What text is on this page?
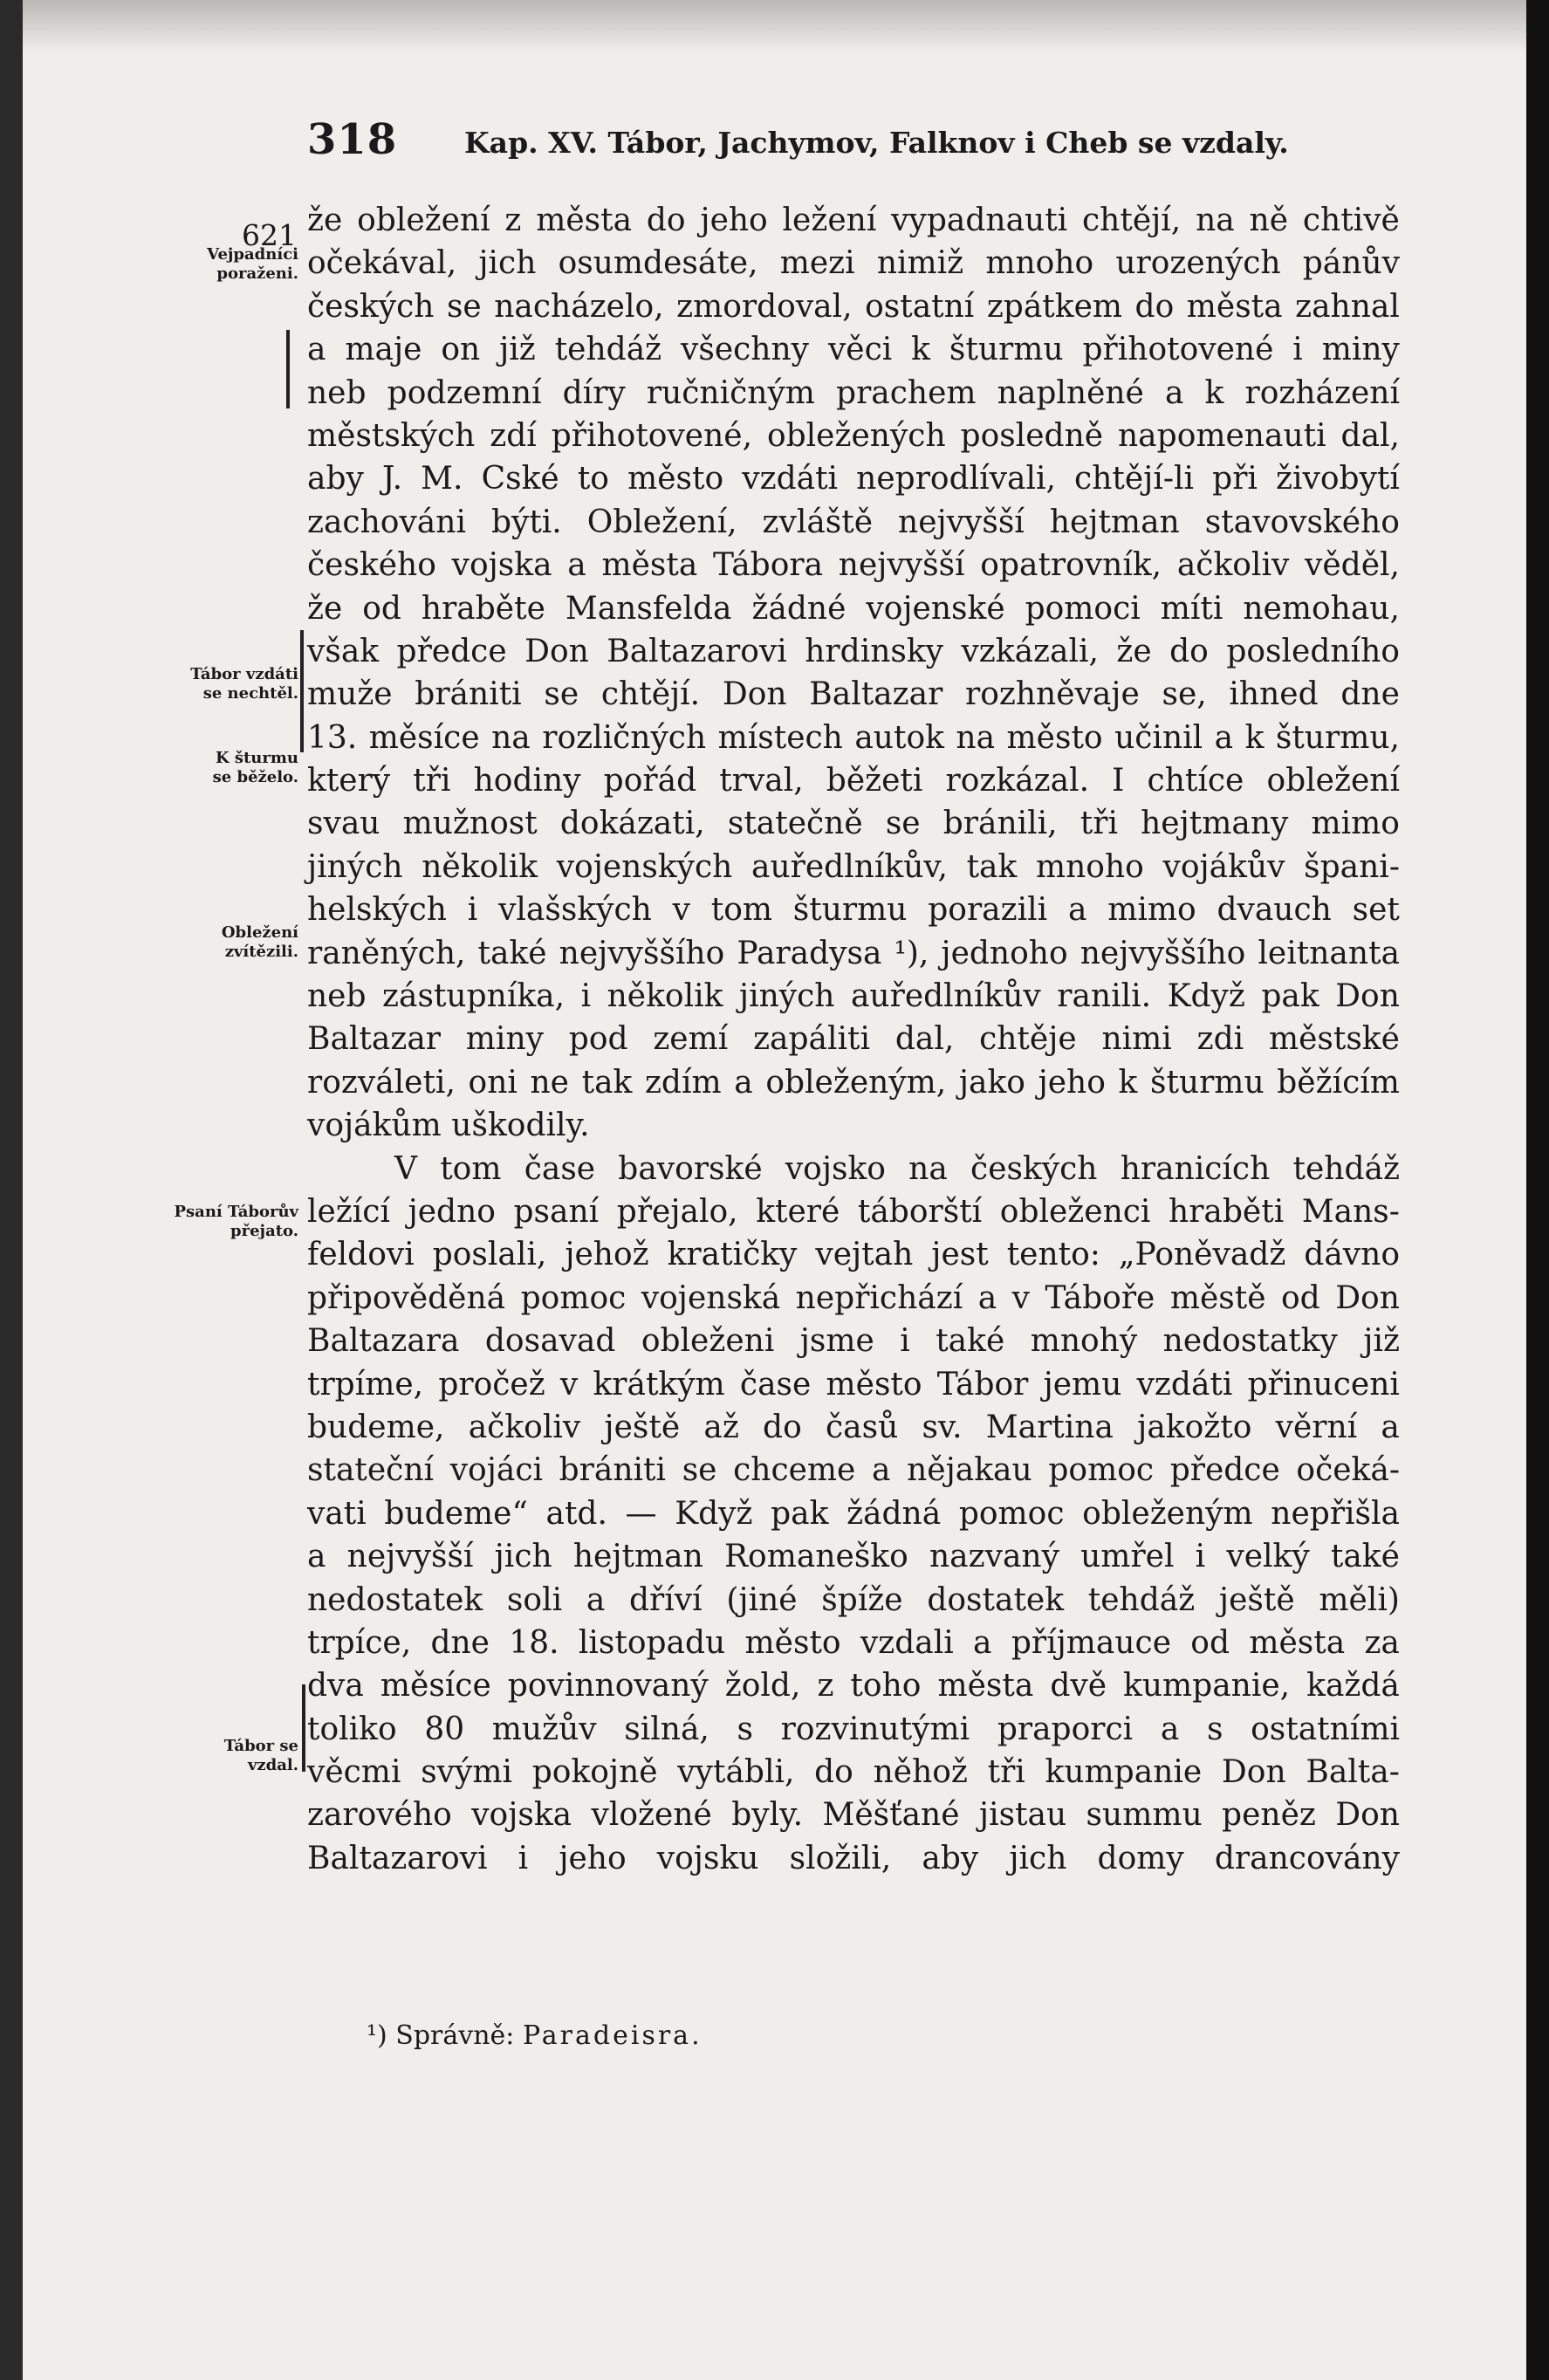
318 Kap. XV. Tábor, Jachymov, Falknov i Cheb se vzdaly.
621
Vejpadníci
poraženi.
Tábor vzdáti
se nechtěl.
K šturmu
se běželo.
Obležení
zvítězili.
Psaní Táborův
přejato.
Tábor se
vzdal.
že obležení z města do jeho ležení vypadnauti chtějí, na ně chtivě
očekával, jich osumdesáte, mezi nimiž mnoho urozených pánův
českých se nacházelo, zmordoval, ostatní zpátkem do města zahnal
a maje on již tehdáž všechny věci k šturmu přihotovené i miny
neb podzemní díry ručničným prachem naplněné a k rozházení
městských zdí přihotovené, obležených posledně napomenauti dal,
aby J. M. Cské to město vzdáti neprodlívali, chtějí-li při živobytí
zachováni býti. Obležení, zvláště nejvyšší hejtman stavovského
českého vojska a města Tábora nejvyšší opatrovník, ačkoliv věděl,
že od hraběte Mansfelda žádné vojenské pomoci míti nemohau,
však předce Don Baltazarovi hrdinsky vzkázali, že do posledního
muže brániti se chtějí. Don Baltazar rozhněvaje se, ihned dne
13. měsíce na rozličných místech autok na město učinil a k šturmu,
který tři hodiny pořád trval, běžeti rozkázal. I chtíce obležení
svau mužnost dokázati, statečně se bránili, tři hejtmany mimo
jiných několik vojenských auředlníkův, tak mnoho vojákův špani-
helských i vlašských v tom šturmu porazili a mimo dvauch set
raněných, také nejvyššího Paradysa ¹), jednoho nejvyššího leitnanta
neb zástupníka, i několik jiných auředlníkův ranili. Když pak Don
Baltazar miny pod zemí zapáliti dal, chtěje nimi zdi městské
rozváleti, oni ne tak zdím a obleženým, jako jeho k šturmu běžícím
vojákům uškodily.
V tom čase bavorské vojsko na českých hranicích tehdáž
ležící jedno psaní přejalo, které táborští obleženci hraběti Mans-
feldovi poslali, jehož kratičky vejtah jest tento: „Poněvadž dávno
připověděná pomoc vojenská nepřichází a v Táboře městě od Don
Baltazara dosavad obleženi jsme i také mnohý nedostatky již
trpíme, pročež v krátkým čase město Tábor jemu vzdáti přinuceni
budeme, ačkoliv ještě až do časů sv. Martina jakožto věrní a
stateční vojáci brániti se chceme a nějakau pomoc předce očeká-
vati budeme“ atd. — Když pak žádná pomoc obleženým nepřišla
a nejvyšší jich hejtman Romaneško nazvaný umřel i velký také
nedostatek soli a dříví (jiné špíže dostatek tehdáž ještě měli)
trpíce, dne 18. listopadu město vzdali a příjmauce od města za
dva měsíce povinnovaný žold, z toho města dvě kumpanie, každá
toliko 80 mužův silná, s rozvinutými praporci a s ostatními
věcmi svými pokojně vytábli, do něhož tři kumpanie Don Balta-
zarového vojska vložené byly. Měšťané jistau summu peněz Don
Baltazarovi i jeho vojsku složili, aby jich domy drancovány
¹) Správně: Paradeisra.
